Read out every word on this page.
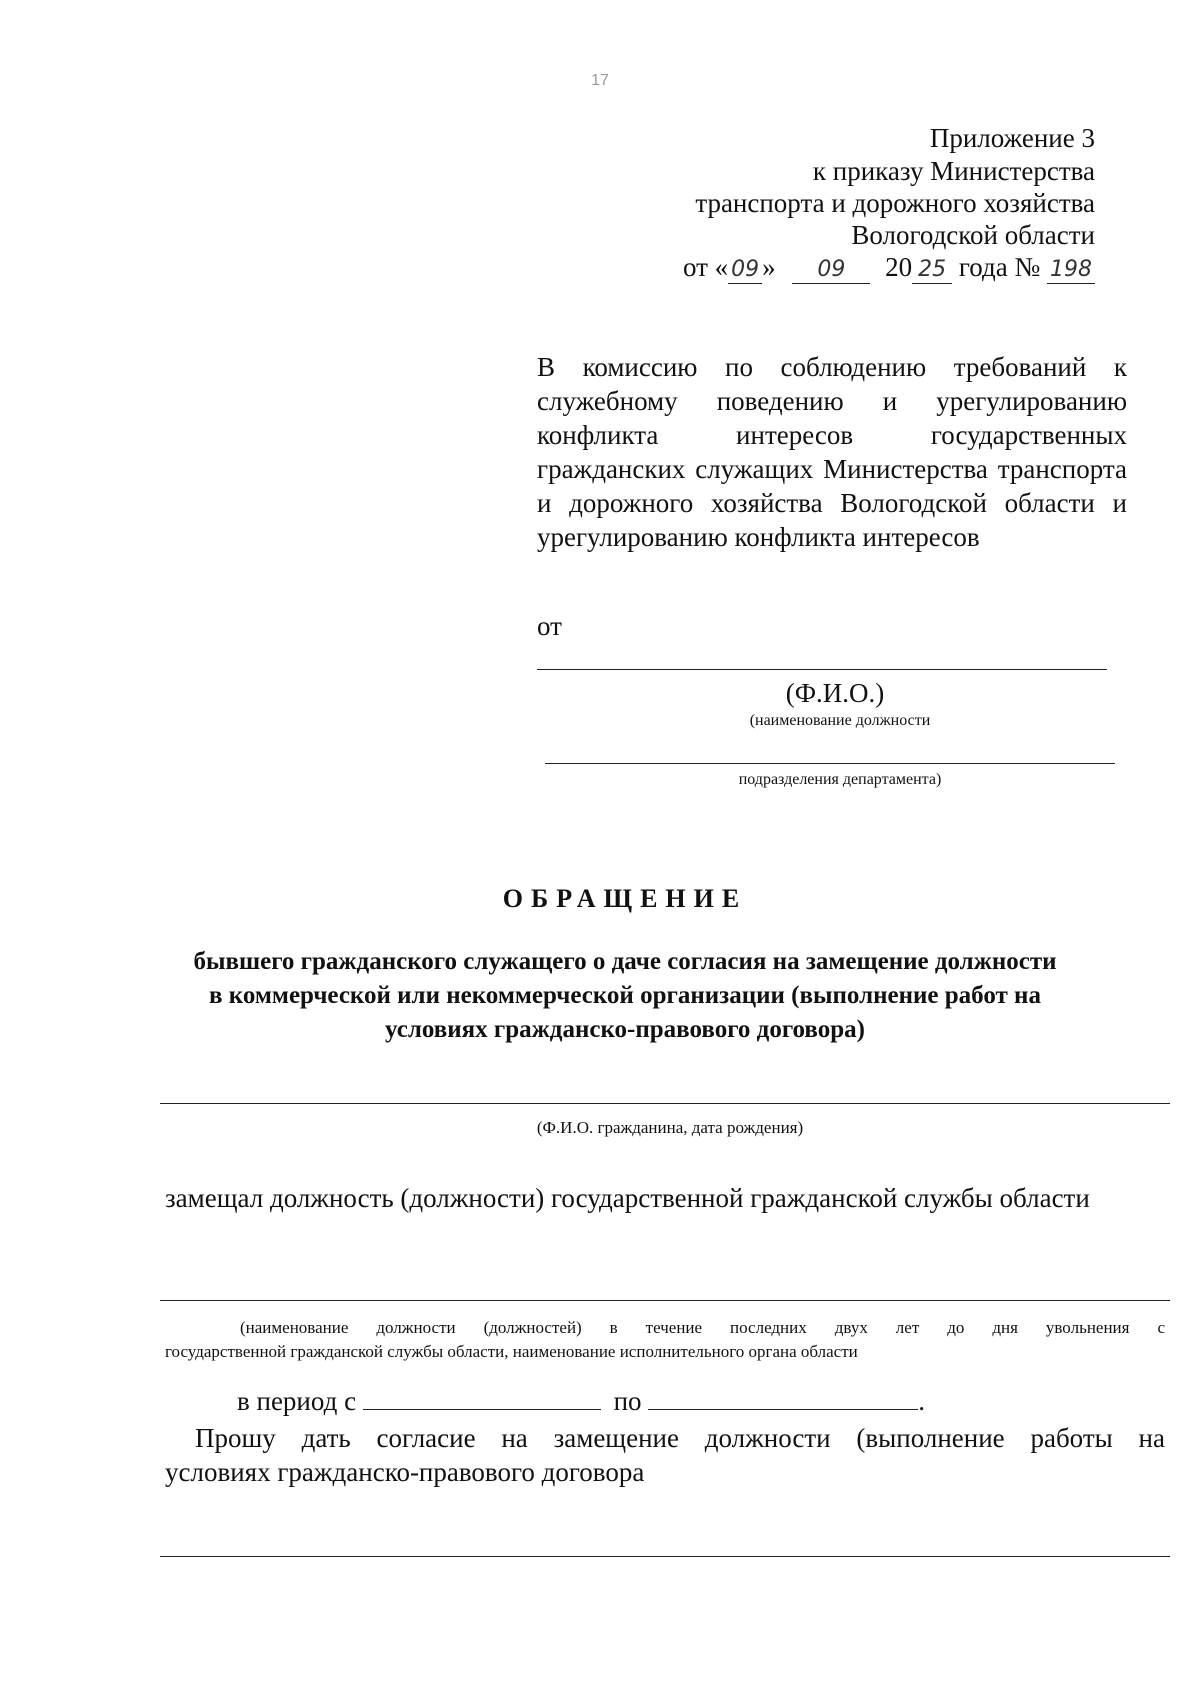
17
Приложение 3
к приказу Министерства
транспорта и дорожного хозяйства
Вологодской области
от « 09 » 09 20 25 года № 198
В комиссию по соблюдению требований к служебному поведению и урегулированию конфликта интересов государственных гражданских служащих Министерства транспорта и дорожного хозяйства Вологодской области и урегулированию конфликта интересов
от
(Ф.И.О.)
(наименование должности
подразделения департамента)
ОБРАЩЕНИЕ
бывшего гражданского служащего о даче согласия на замещение должности
в коммерческой или некоммерческой организации (выполнение работ на
условиях гражданско-правового договора)
(Ф.И.О. гражданина, дата рождения)
замещал должность (должности) государственной гражданской службы области
(наименование должности (должностей) в течение последних двух лет до дня увольнения с
государственной гражданской службы области, наименование исполнительного органа области
в период с	по	.
Прошу дать согласие на замещение должности (выполнение работы на
условиях гражданско-правового договора
